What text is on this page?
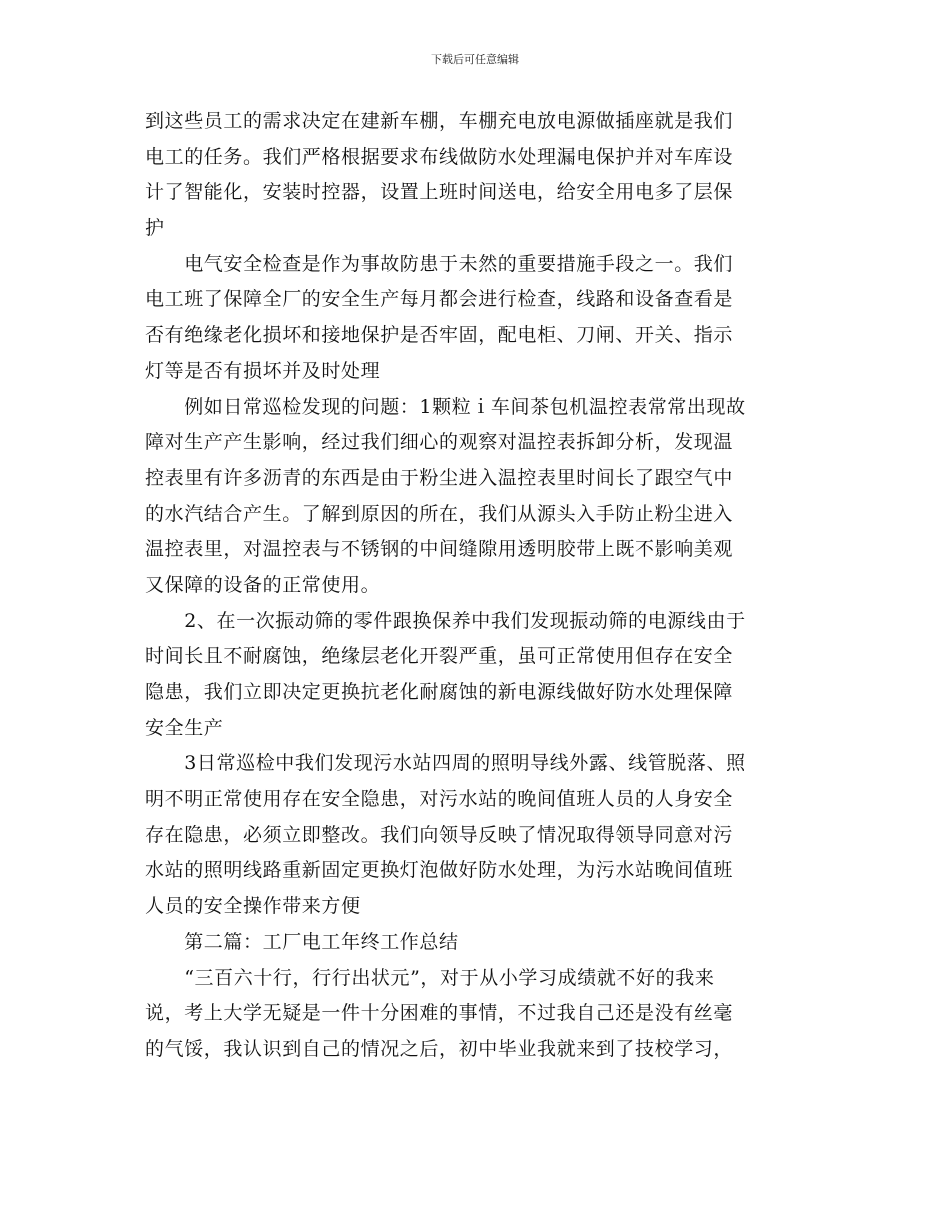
下载后可任意编辑
到这些员工的需求决定在建新车棚，车棚充电放电源做插座就是我们
电工的任务。我们严格根据要求布线做防水处理漏电保护并对车库设
计了智能化，安装时控器，设置上班时间送电，给安全用电多了层保
护
　　电气安全检查是作为事故防患于未然的重要措施手段之一。我们
电工班了保障全厂的安全生产每月都会进行检查，线路和设备查看是
否有绝缘老化损坏和接地保护是否牢固，配电柜、刀闸、开关、指示
灯等是否有损坏并及时处理
　　例如日常巡检发现的问题：1颗粒ｉ车间茶包机温控表常常出现故
障对生产产生影响，经过我们细心的观察对温控表拆卸分析，发现温
控表里有许多沥青的东西是由于粉尘进入温控表里时间长了跟空气中
的水汽结合产生。了解到原因的所在，我们从源头入手防止粉尘进入
温控表里，对温控表与不锈钢的中间缝隙用透明胶带上既不影响美观
又保障的设备的正常使用。
　　2、在一次振动筛的零件跟换保养中我们发现振动筛的电源线由于
时间长且不耐腐蚀，绝缘层老化开裂严重，虽可正常使用但存在安全
隐患，我们立即决定更换抗老化耐腐蚀的新电源线做好防水处理保障
安全生产
　　3日常巡检中我们发现污水站四周的照明导线外露、线管脱落、照
明不明正常使用存在安全隐患，对污水站的晚间值班人员的人身安全
存在隐患，必须立即整改。我们向领导反映了情况取得领导同意对污
水站的照明线路重新固定更换灯泡做好防水处理，为污水站晚间值班
人员的安全操作带来方便
　　第二篇：工厂电工年终工作总结
　　“三百六十行，行行出状元”，对于从小学习成绩就不好的我来
说，考上大学无疑是一件十分困难的事情，不过我自己还是没有丝毫
的气馁，我认识到自己的情况之后，初中毕业我就来到了技校学习，
